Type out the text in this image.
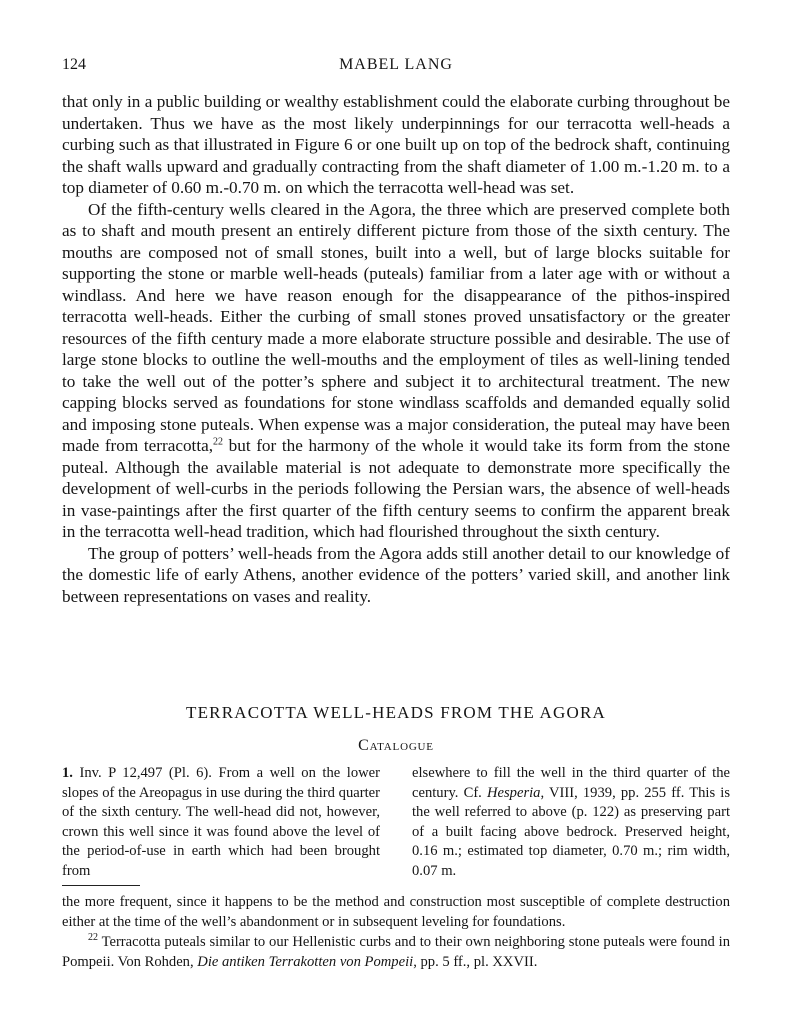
124	MABEL LANG

that only in a public building or wealthy establishment could the elaborate curbing throughout be undertaken. Thus we have as the most likely underpinnings for our terracotta well-heads a curbing such as that illustrated in Figure 6 or one built up on top of the bedrock shaft, continuing the shaft walls upward and gradually contracting from the shaft diameter of 1.00 m.-1.20 m. to a top diameter of 0.60 m.-0.70 m. on which the terracotta well-head was set.

Of the fifth-century wells cleared in the Agora, the three which are preserved complete both as to shaft and mouth present an entirely different picture from those of the sixth century. The mouths are composed not of small stones, built into a well, but of large blocks suitable for supporting the stone or marble well-heads (puteals) familiar from a later age with or without a windlass. And here we have reason enough for the disappearance of the pithos-inspired terracotta well-heads. Either the curbing of small stones proved unsatisfactory or the greater resources of the fifth century made a more elaborate structure possible and desirable. The use of large stone blocks to outline the well-mouths and the employment of tiles as well-lining tended to take the well out of the potter’s sphere and subject it to architectural treatment. The new capping blocks served as foundations for stone windlass scaffolds and demanded equally solid and imposing stone puteals. When expense was a major consideration, the puteal may have been made from terracotta,$^{22}$ but for the harmony of the whole it would take its form from the stone puteal. Although the available material is not adequate to demonstrate more specifically the development of well-curbs in the periods following the Persian wars, the absence of well-heads in vase-paintings after the first quarter of the fifth century seems to confirm the apparent break in the terracotta well-head tradition, which had flourished throughout the sixth century.

The group of potters’ well-heads from the Agora adds still another detail to our knowledge of the domestic life of early Athens, another evidence of the potters’ varied skill, and another link between representations on vases and reality.

TERRACOTTA WELL-HEADS FROM THE AGORA
Catalogue

1. Inv. P 12,497 (Pl. 6). From a well on the lower slopes of the Areopagus in use during the third quarter of the sixth century. The well-head did not, however, crown this well since it was found above the level of the period-of-use in earth which had been brought from

elsewhere to fill the well in the third quarter of the century. Cf. Hesperia, VIII, 1939, pp. 255 ff. This is the well referred to above (p. 122) as preserving part of a built facing above bedrock. Preserved height, 0.16 m.; estimated top diameter, 0.70 m.; rim width, 0.07 m.

the more frequent, since it happens to be the method and construction most susceptible of complete destruction either at the time of the well’s abandonment or in subsequent leveling for foundations.
$^{22}$ Terracotta puteals similar to our Hellenistic curbs and to their own neighboring stone puteals were found in Pompeii. Von Rohden, Die antiken Terrakotten von Pompeii, pp. 5 ff., pl. XXVII.
